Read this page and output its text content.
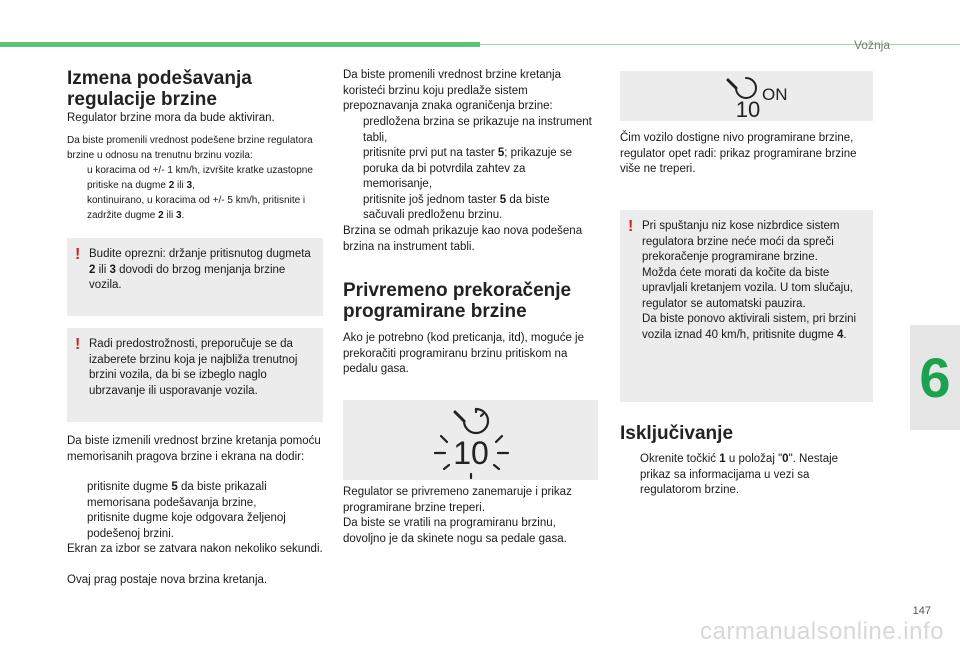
Vožnja
6
147
carmanualsonline.info
Izmena podešavanja regulacije brzine

Regulator brzine mora da bude aktiviran.

Da biste promenili vrednost podešene brzine regulatora brzine u odnosu na trenutnu brzinu vozila:

u koracima od +/- 1 km/h, izvršite kratke uzastopne pritiske na dugme 2 ili 3,
kontinuirano, u koracima od +/- 5 km/h, pritisnite i zadržite dugme 2 ili 3.
! Budite oprezni: držanje pritisnutog dugmeta 2 ili 3 dovodi do brzog menjanja brzine vozila.

! Radi predostrožnosti, preporučuje se da izaberete brzinu koja je najbliža trenutnoj brzini vozila, da bi se izbeglo naglo ubrzavanje ili usporavanje vozila.

Da biste izmenili vrednost brzine kretanja pomoću memorisanih pragova brzine i ekrana na dodir:

pritisnite dugme 5 da biste prikazali memorisana podešavanja brzine,
pritisnite dugme koje odgovara željenoj podešenoj brzini.

Ekran za izbor se zatvara nakon nekoliko sekundi.

Ovaj prag postaje nova brzina kretanja.

Da biste promenili vrednost brzine kretanja koristeći brzinu koju predlaže sistem prepoznavanja znaka ograničenja brzine:

predložena brzina se prikazuje na instrument tabli,
pritisnite prvi put na taster 5; prikazuje se poruka da bi potvrdila zahtev za memorisanje,
pritisnite još jednom taster 5 da biste sačuvali predloženu brzinu.

Brzina se odmah prikazuje kao nova podešena brzina na instrument tabli.

Privremeno prekoračenje programirane brzine

Ako je potrebno (kod preticanja, itd), moguće je prekoračiti programiranu brzinu pritiskom na pedalu gasa.

Regulator se privremeno zanemaruje i prikaz programirane brzine treperi.

Da biste se vratili na programiranu brzinu, dovoljno je da skinete nogu sa pedale gasa.

10
10
ON

Čim vozilo dostigne nivo programirane brzine, regulator opet radi: prikaz programirane brzine više ne treperi.

! Pri spuštanju niz kose nizbrdice sistem regulatora brzine neće moći da spreči prekoračenje programirane brzine.
Možda ćete morati da kočite da biste upravljali kretanjem vozila. U tom slučaju, regulator se automatski pauzira.
Da biste ponovo aktivirali sistem, pri brzini vozila iznad 40 km/h, pritisnite dugme 4.

Isključivanje
Okrenite točkić 1 u položaj "0". Nestaje prikaz sa informacijama u vezi sa regulatorom brzine.
